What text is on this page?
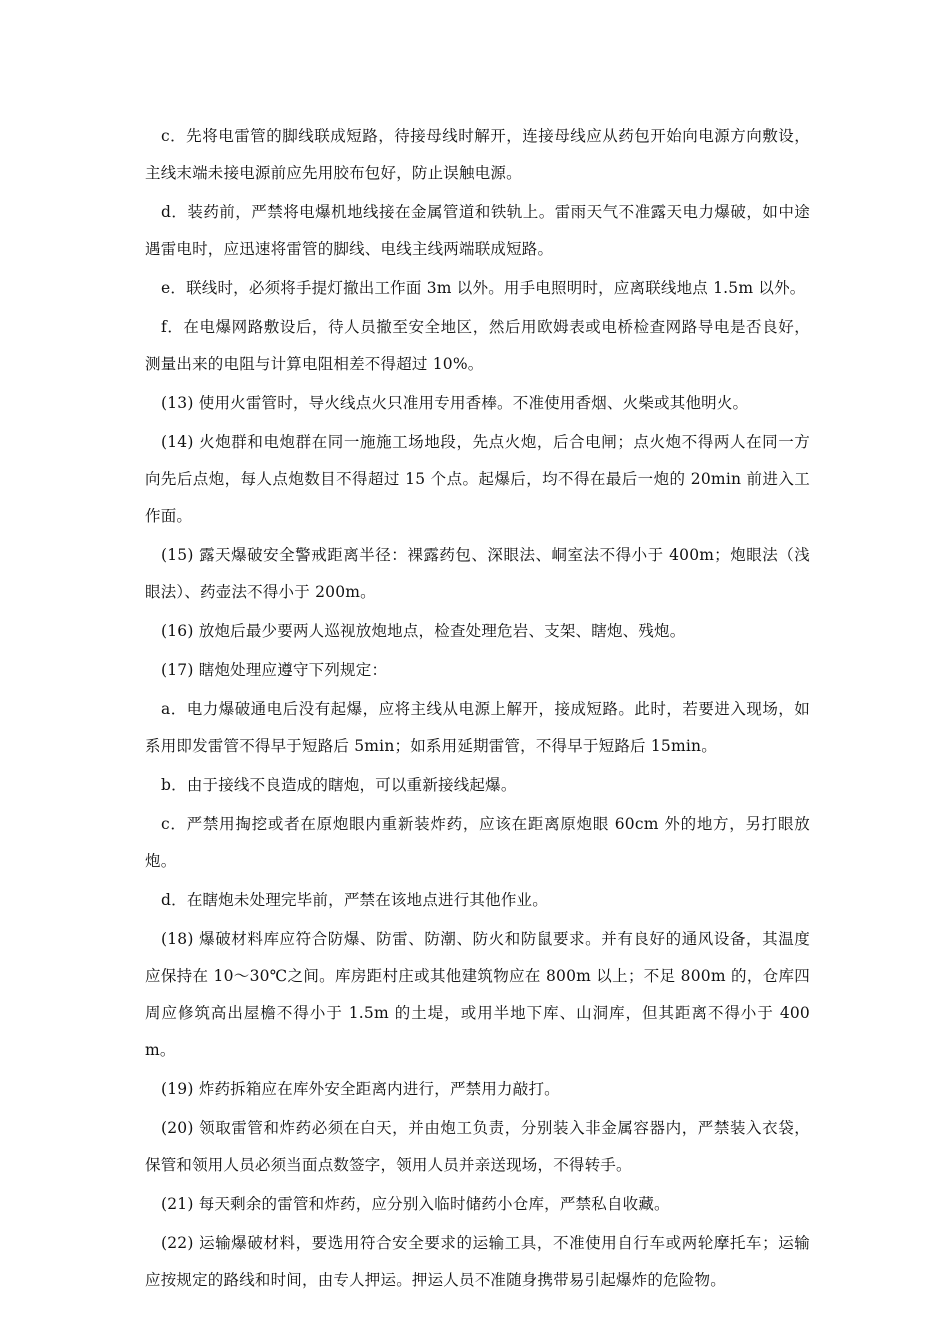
c．先将电雷管的脚线联成短路，待接母线时解开，连接母线应从药包开始向电源方向敷设，主线末端未接电源前应先用胶布包好，防止误触电源。

d．装药前，严禁将电爆机地线接在金属管道和铁轨上。雷雨天气不准露天电力爆破，如中途遇雷电时，应迅速将雷管的脚线、电线主线两端联成短路。

e．联线时，必须将手提灯撤出工作面 3m 以外。用手电照明时，应离联线地点 1.5m 以外。

f．在电爆网路敷设后，待人员撤至安全地区，然后用欧姆表或电桥检查网路导电是否良好，测量出来的电阻与计算电阻相差不得超过 10%。

(13) 使用火雷管时，导火线点火只准用专用香棒。不准使用香烟、火柴或其他明火。

(14) 火炮群和电炮群在同一施施工场地段，先点火炮，后合电闸；点火炮不得两人在同一方向先后点炮，每人点炮数目不得超过 15 个点。起爆后，均不得在最后一炮的 20min 前进入工作面。

(15) 露天爆破安全警戒距离半径：裸露药包、深眼法、峒室法不得小于 400m；炮眼法（浅眼法）、药壶法不得小于 200m。

(16) 放炮后最少要两人巡视放炮地点，检查处理危岩、支架、瞎炮、残炮。

(17) 瞎炮处理应遵守下列规定：

a．电力爆破通电后没有起爆，应将主线从电源上解开，接成短路。此时，若要进入现场，如系用即发雷管不得早于短路后 5min；如系用延期雷管，不得早于短路后 15min。

b．由于接线不良造成的瞎炮，可以重新接线起爆。

c．严禁用掏挖或者在原炮眼内重新装炸药，应该在距离原炮眼 60cm 外的地方，另打眼放炮。

d．在瞎炮未处理完毕前，严禁在该地点进行其他作业。

(18) 爆破材料库应符合防爆、防雷、防潮、防火和防鼠要求。并有良好的通风设备，其温度应保持在 10～30℃之间。库房距村庄或其他建筑物应在 800m 以上；不足 800m 的，仓库四周应修筑高出屋檐不得小于 1.5m 的土堤，或用半地下库、山洞库，但其距离不得小于 400m。

(19) 炸药拆箱应在库外安全距离内进行，严禁用力敲打。

(20) 领取雷管和炸药必须在白天，并由炮工负责，分别装入非金属容器内，严禁装入衣袋，保管和领用人员必须当面点数签字，领用人员并亲送现场，不得转手。

(21) 每天剩余的雷管和炸药，应分别入临时储药小仓库，严禁私自收藏。

(22) 运输爆破材料，要选用符合安全要求的运输工具，不准使用自行车或两轮摩托车；运输应按规定的路线和时间，由专人押运。押运人员不准随身携带易引起爆炸的危险物。
